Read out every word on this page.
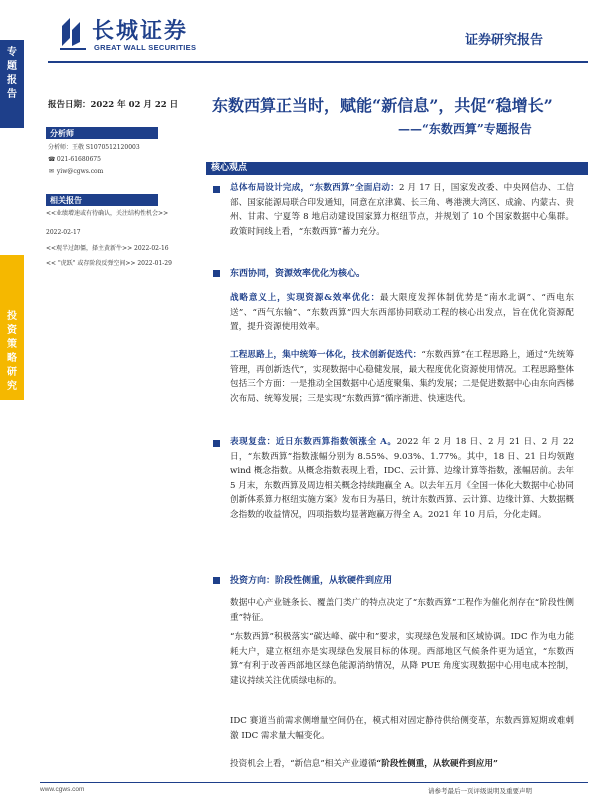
长城证券
GREAT WALL SECURITIES	证券研究报告
专
题
报
告
投
资
策
略
研
究
报告日期：2022 年 02 月 22 日
分析师
分析师：王敬 S1070512120003
☎ 021-61680675
✉ yiw@cgws.com
相关报告
<<业绩增速或有待确认，关注结构性机会>>
2022-02-17
<<观半过卸僵，择主黄新牛>> 2022-02-16
<< "虎跃" 或存阶段反弹空间>> 2022-01-29
东数西算正当时，赋能“新信息”，共促“稳增长”
——“东数西算”专题报告
核心观点
总体布局设计完成，“东数西算”全面启动：2 月 17 日，国家发改委、中央网信办、工信部、国家能源局联合印发通知，同意在京津冀、长三角、粤港澳大湾区、成渝、内蒙古、贵州、甘肃、宁夏等 8 地启动建设国家算力枢纽节点，并规划了 10 个国家数据中心集群。政策时间线上看，“东数西算”蓄力充分。
东西协同，资源效率优化为核心。
战略意义上，实现资源&效率优化：最大限度发挥体制优势是“南水北调”、“西电东送”、“西气东输”、“东数西算”四大东西部协同联动工程的核心出发点，旨在优化资源配置，提升资源使用效率。
工程思路上，集中统筹一体化，技术创新促迭代：“东数西算”在工程思路上，通过“先统筹管理，再创新迭代”，实现数据中心稳健发展，最大程度优化资源使用情况。工程思路整体包括三个方面：一是推动全国数据中心适度聚集、集约发展；二是促进数据中心由东向西梯次布局、统筹发展；三是实现“东数西算”循序渐进、快速迭代。
表现复盘：近日东数西算指数领涨全 A。2022 年 2 月 18 日、2 月 21 日、2 月 22 日，“东数西算”指数涨幅分别为 8.55%、9.03%、1.77%。其中，18 日、21 日均领跑 wind 概念指数。从概念指数表现上看，IDC、云计算、边缘计算等指数，涨幅居前。去年 5 月末，东数西算及周边相关概念持续跑赢全 A。以去年五月《全国一体化大数据中心协同创新体系算力枢纽实施方案》发布日为基日，统计东数西算、云计算、边缘计算、大数据概念指数的收益情况，四项指数均显著跑赢万得全 A。2021 年 10 月后，分化走阔。
投资方向：阶段性侧重，从软硬件到应用
数据中心产业链条长、覆盖门类广的特点决定了“东数西算”工程作为催化剂存在“阶段性侧重”特征。
“东数西算”积极落实“碳达峰、碳中和”要求，实现绿色发展和区域协调。IDC 作为电力能耗大户，建立枢纽亦是实现绿色发展目标的体现。西部地区气候条件更为适宜，“东数西算”有利于改善西部地区绿色能源消纳情况，从降 PUE 角度实现数据中心用电成本控制，建议持续关注优质绿电标的。
IDC 赛道当前需求侧增量空间仍在，模式相对固定静待供给侧变革，东数西算短期或难刺激 IDC 需求量大幅变化。
投资机会上看，“新信息”相关产业遵循“阶段性侧重，从软硬件到应用”
www.cgws.com	请参考最后一页评级说明及重要声明
